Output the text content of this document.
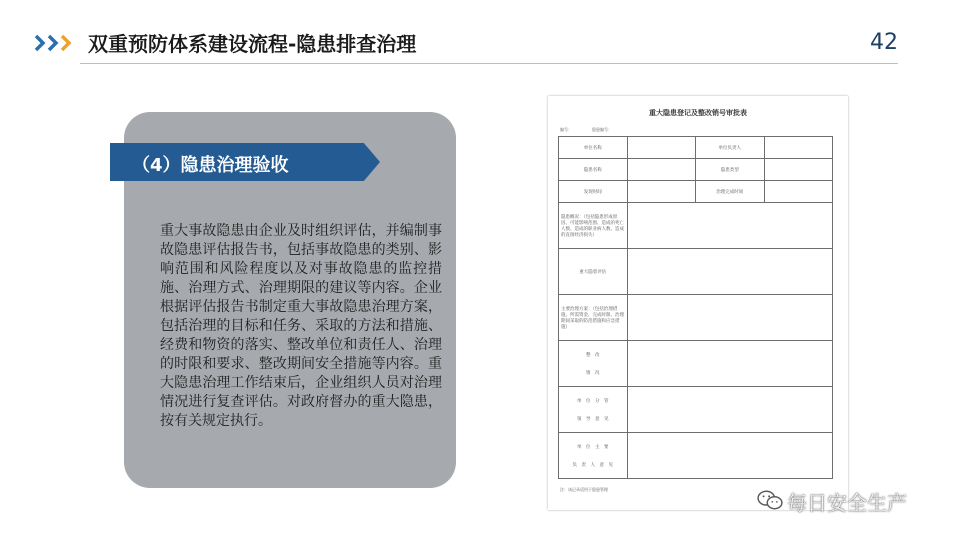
双重预防体系建设流程-隐患排查治理	42
（4）隐患治理验收
重大事故隐患由企业及时组织评估，并编制事故隐患评估报告书，包括事故隐患的类别、影响范围和风险程度以及对事故隐患的监控措施、治理方式、治理期限的建议等内容。企业根据评估报告书制定重大事故隐患治理方案，包括治理的目标和任务、采取的方法和措施、经费和物资的落实、整改单位和责任人、治理的时限和要求、整改期间安全措施等内容。重大隐患治理工作结束后，企业组织人员对治理情况进行复查评估。对政府督办的重大隐患，按有关规定执行。
重大隐患登记及整改销号审批表
编号：	隐患编号：
单位名称		单位负责人	
隐患名称		隐患类型	
发现时间		治理完成时间	
隐患概况：（包括隐患形成原因、可能影响范围、造成的死亡人数、造成的职业病人数、造成的直接经济损失）			
重大隐患评估			
主要治理方案：（包括治理措施、所需资金、完成时限、治理期间采取的防范措施和应急措施）			

整　改
情　况			

单　位　分　管
领　导　意　见			

单　位　主　要
负　责　人　意　见			

注：该记录适用于隐患管理
每日安全生产
